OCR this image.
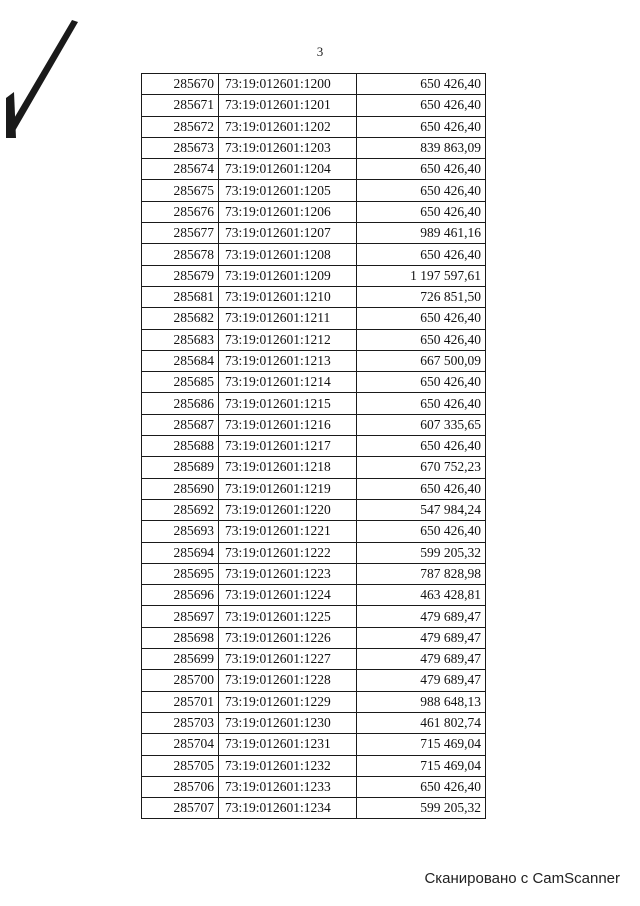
3
285670	73:19:012601:1200	650 426,40
285671	73:19:012601:1201	650 426,40
285672	73:19:012601:1202	650 426,40
285673	73:19:012601:1203	839 863,09
285674	73:19:012601:1204	650 426,40
285675	73:19:012601:1205	650 426,40
285676	73:19:012601:1206	650 426,40
285677	73:19:012601:1207	989 461,16
285678	73:19:012601:1208	650 426,40
285679	73:19:012601:1209	1 197 597,61
285681	73:19:012601:1210	726 851,50
285682	73:19:012601:1211	650 426,40
285683	73:19:012601:1212	650 426,40
285684	73:19:012601:1213	667 500,09
285685	73:19:012601:1214	650 426,40
285686	73:19:012601:1215	650 426,40
285687	73:19:012601:1216	607 335,65
285688	73:19:012601:1217	650 426,40
285689	73:19:012601:1218	670 752,23
285690	73:19:012601:1219	650 426,40
285692	73:19:012601:1220	547 984,24
285693	73:19:012601:1221	650 426,40
285694	73:19:012601:1222	599 205,32
285695	73:19:012601:1223	787 828,98
285696	73:19:012601:1224	463 428,81
285697	73:19:012601:1225	479 689,47
285698	73:19:012601:1226	479 689,47
285699	73:19:012601:1227	479 689,47
285700	73:19:012601:1228	479 689,47
285701	73:19:012601:1229	988 648,13
285703	73:19:012601:1230	461 802,74
285704	73:19:012601:1231	715 469,04
285705	73:19:012601:1232	715 469,04
285706	73:19:012601:1233	650 426,40
285707	73:19:012601:1234	599 205,32
Сканировано с CamScanner
